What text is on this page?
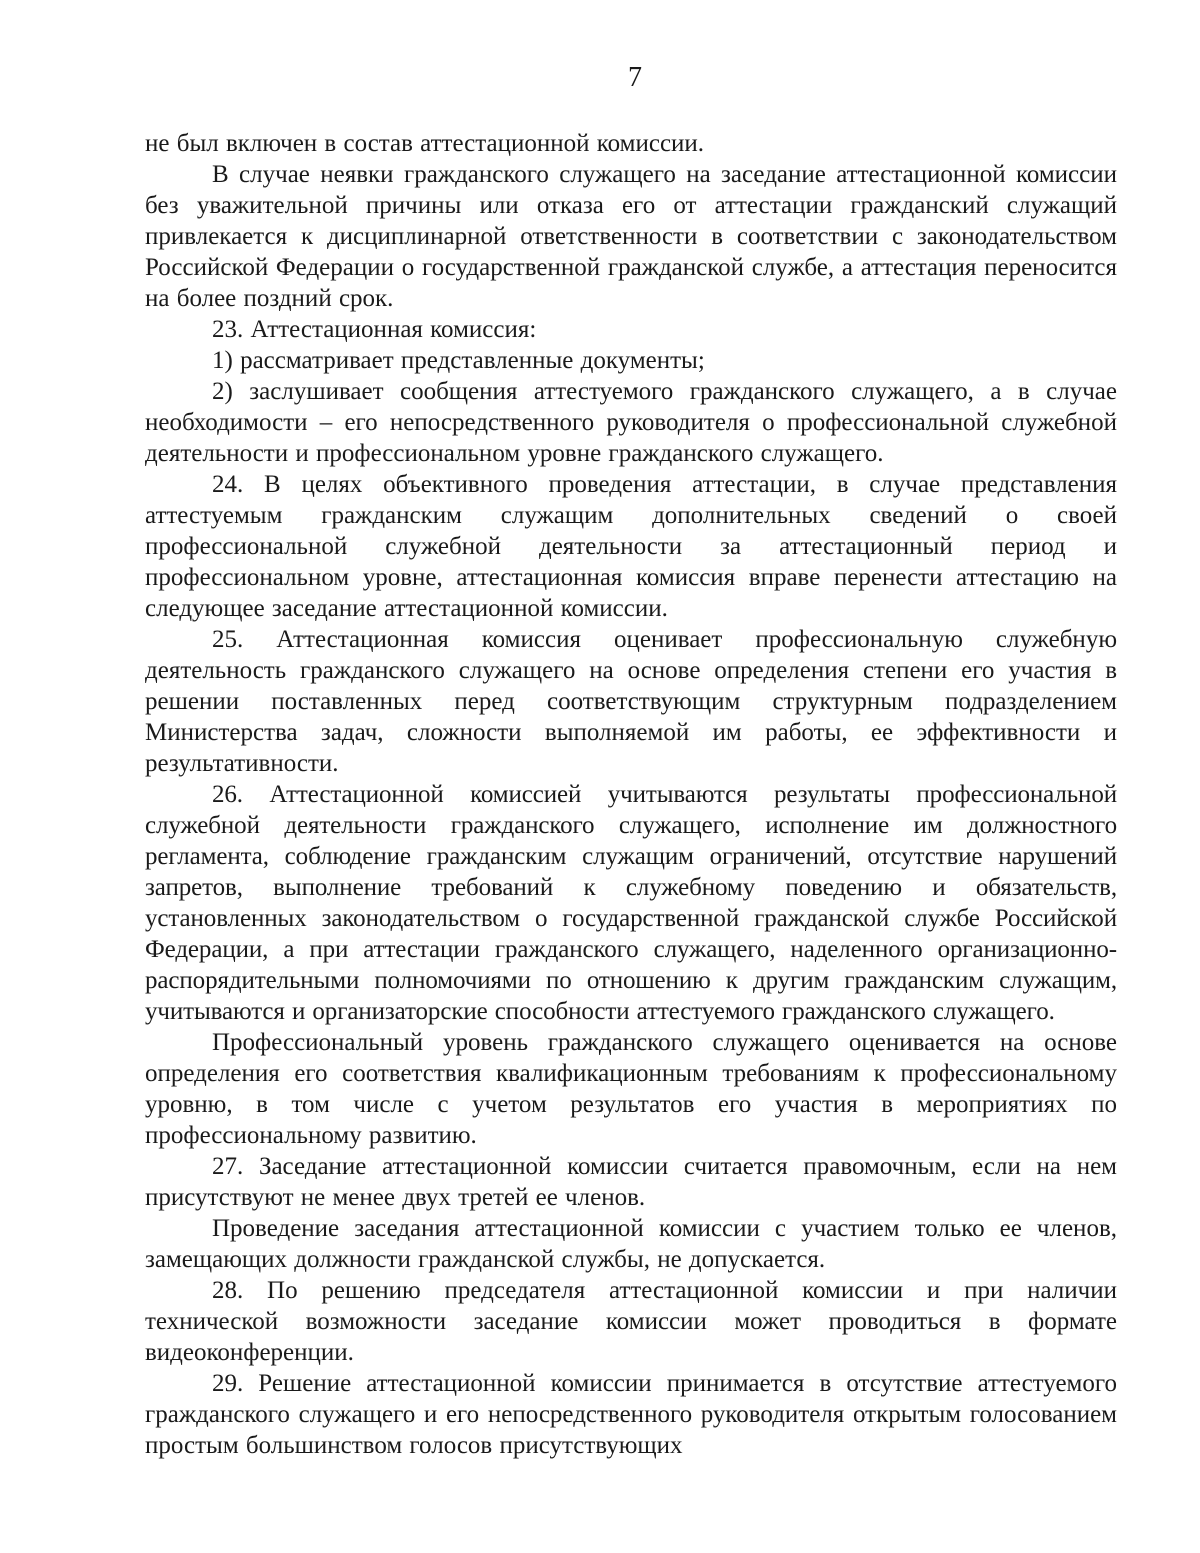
7

не был включен в состав аттестационной комиссии.

В случае неявки гражданского служащего на заседание аттестационной комиссии без уважительной причины или отказа его от аттестации гражданский служащий привлекается к дисциплинарной ответственности в соответствии с законодательством Российской Федерации о государственной гражданской службе, а аттестация переносится на более поздний срок.

23. Аттестационная комиссия:

1) рассматривает представленные документы;

2) заслушивает сообщения аттестуемого гражданского служащего, а в случае необходимости – его непосредственного руководителя о профессиональной служебной деятельности и профессиональном уровне гражданского служащего.

24. В целях объективного проведения аттестации, в случае представления аттестуемым гражданским служащим дополнительных сведений о своей профессиональной служебной деятельности за аттестационный период и профессиональном уровне, аттестационная комиссия вправе перенести аттестацию на следующее заседание аттестационной комиссии.

25. Аттестационная комиссия оценивает профессиональную служебную деятельность гражданского служащего на основе определения степени его участия в решении поставленных перед соответствующим структурным подразделением Министерства задач, сложности выполняемой им работы, ее эффективности и результативности.

26. Аттестационной комиссией учитываются результаты профессиональной служебной деятельности гражданского служащего, исполнение им должностного регламента, соблюдение гражданским служащим ограничений, отсутствие нарушений запретов, выполнение требований к служебному поведению и обязательств, установленных законодательством о государственной гражданской службе Российской Федерации, а при аттестации гражданского служащего, наделенного организационно-распорядительными полномочиями по отношению к другим гражданским служащим, учитываются и организаторские способности аттестуемого гражданского служащего.

Профессиональный уровень гражданского служащего оценивается на основе определения его соответствия квалификационным требованиям к профессиональному уровню, в том числе с учетом результатов его участия в мероприятиях по профессиональному развитию.

27. Заседание аттестационной комиссии считается правомочным, если на нем присутствуют не менее двух третей ее членов.

Проведение заседания аттестационной комиссии с участием только ее членов, замещающих должности гражданской службы, не допускается.

28. По решению председателя аттестационной комиссии и при наличии технической возможности заседание комиссии может проводиться в формате видеоконференции.

29. Решение аттестационной комиссии принимается в отсутствие аттестуемого гражданского служащего и его непосредственного руководителя открытым голосованием простым большинством голосов присутствующих
